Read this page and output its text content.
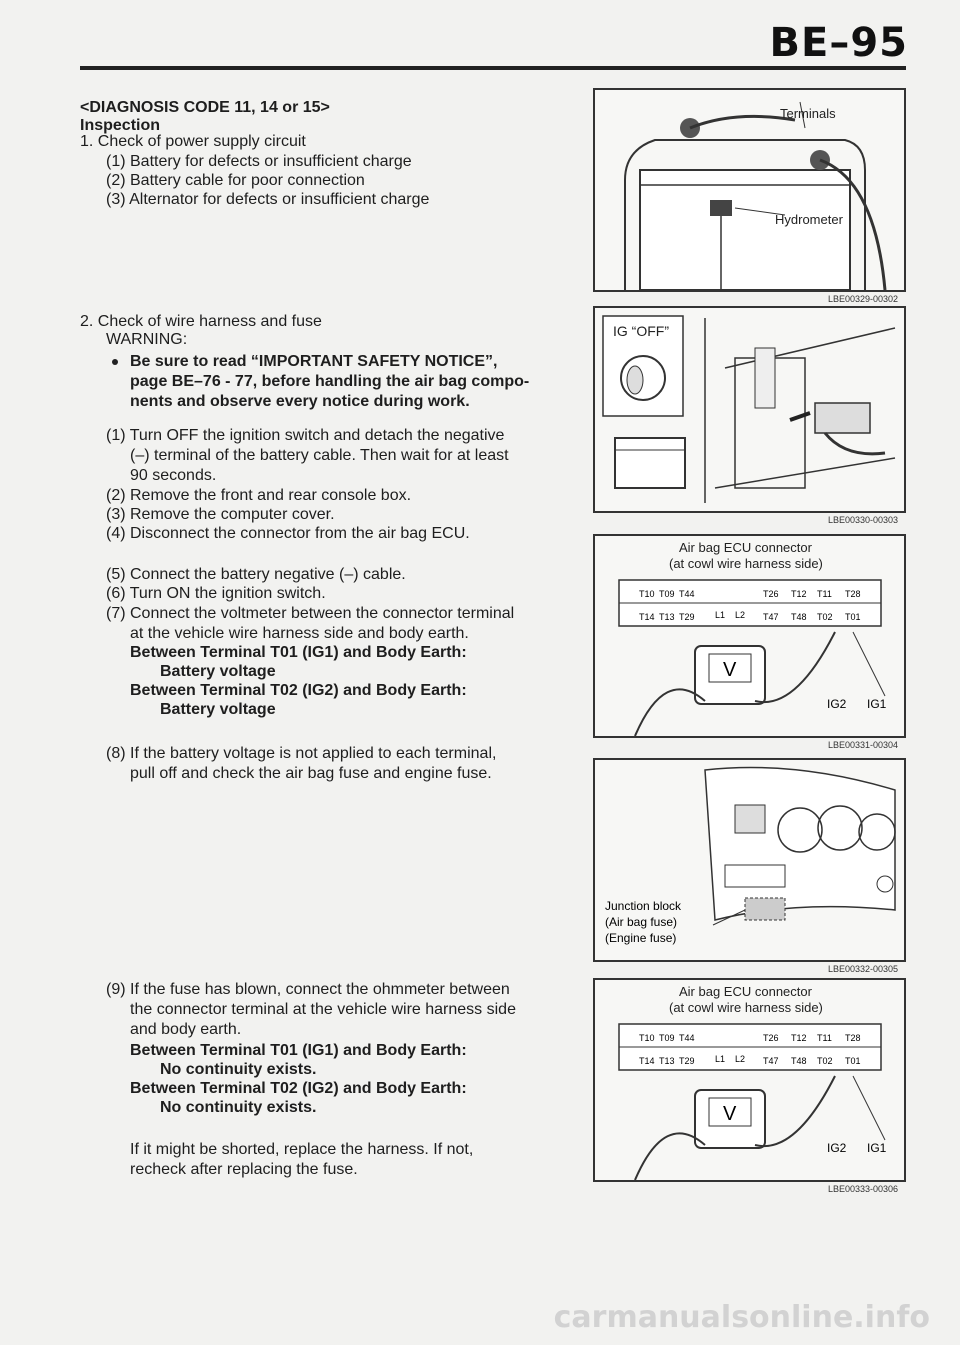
BE–95
<DIAGNOSIS CODE 11, 14 or 15>
Inspection
1. Check of power supply circuit
(1) Battery for defects or insufficient charge
(2) Battery cable for poor connection
(3) Alternator for defects or insufficient charge
2. Check of wire harness and fuse
WARNING:
Be sure to read “IMPORTANT SAFETY NOTICE”,
page BE–76 - 77, before handling the air bag compo-
nents and observe every notice during work.
(1) Turn OFF the ignition switch and detach the negative
(–) terminal of the battery cable. Then wait for at least
90 seconds.
(2) Remove the front and rear console box.
(3) Remove the computer cover.
(4) Disconnect the connector from the air bag ECU.
(5) Connect the battery negative (–) cable.
(6) Turn ON the ignition switch.
(7) Connect the voltmeter between the connector terminal
at the vehicle wire harness side and body earth.
Between Terminal T01 (IG1) and Body Earth:
Battery voltage
Between Terminal T02 (IG2) and Body Earth:
Battery voltage
(8) If the battery voltage is not applied to each terminal,
pull off and check the air bag fuse and engine fuse.
(9) If the fuse has blown, connect the ohmmeter between
the connector terminal at the vehicle wire harness side
and body earth.
Between Terminal T01 (IG1) and Body Earth:
No continuity exists.
Between Terminal T02 (IG2) and Body Earth:
No continuity exists.
If it might be shorted, replace the harness. If not,
recheck after replacing the fuse.
Terminals
Hydrometer
LBE00329-00302
IG “OFF”
LBE00330-00303
Air bag ECU connector
(at cowl wire harness side)
T10 T09 T44	T26 T12 T11 T28
T14 T13 T29	T47 T48 T02 T01
L1 L2
V
IG2 IG1
LBE00331-00304
Junction block
(Air bag fuse)
(Engine fuse)
LBE00332-00305
Air bag ECU connector
(at cowl wire harness side)
T10 T09 T44	T26 T12 T11 T28
T14 T13 T29	T47 T48 T02 T01
L1 L2
V
IG2 IG1
LBE00333-00306
carmanualsonline.info
